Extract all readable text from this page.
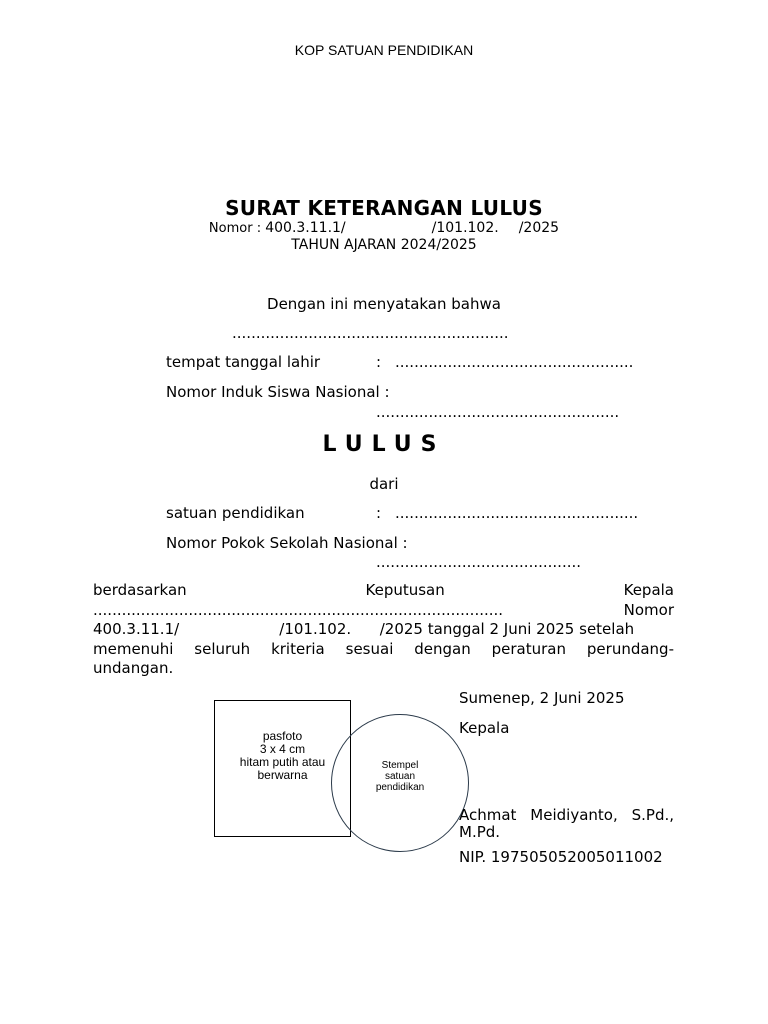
KOP SATUAN PENDIDIKAN
SURAT KETERANGAN LULUS
Nomor : 400.3.11.1/	/101.102. /2025
TAHUN AJARAN 2024/2025
Dengan ini menyatakan bahwa
..........................................................
tempat tanggal lahir	: ..................................................
Nomor Induk Siswa Nasional :
...................................................
LULUS
dari
satuan pendidikan	: ...................................................
Nomor Pokok Sekolah Nasional :
...........................................
berdasarkan Keputusan Kepala
...................................................................................... Nomor
400.3.11.1/                     /101.102.      /2025 tanggal 2 Juni 2025 setelah
memenuhi seluruh kriteria sesuai dengan peraturan perundang-
undangan.
pasfoto
3 x 4 cm
hitam putih atau
berwarna
Stempel
satuan
pendidikan
Sumenep, 2 Juni 2025
Kepala
Achmat Meidiyanto, S.Pd., M.Pd.
NIP. 197505052005011002
